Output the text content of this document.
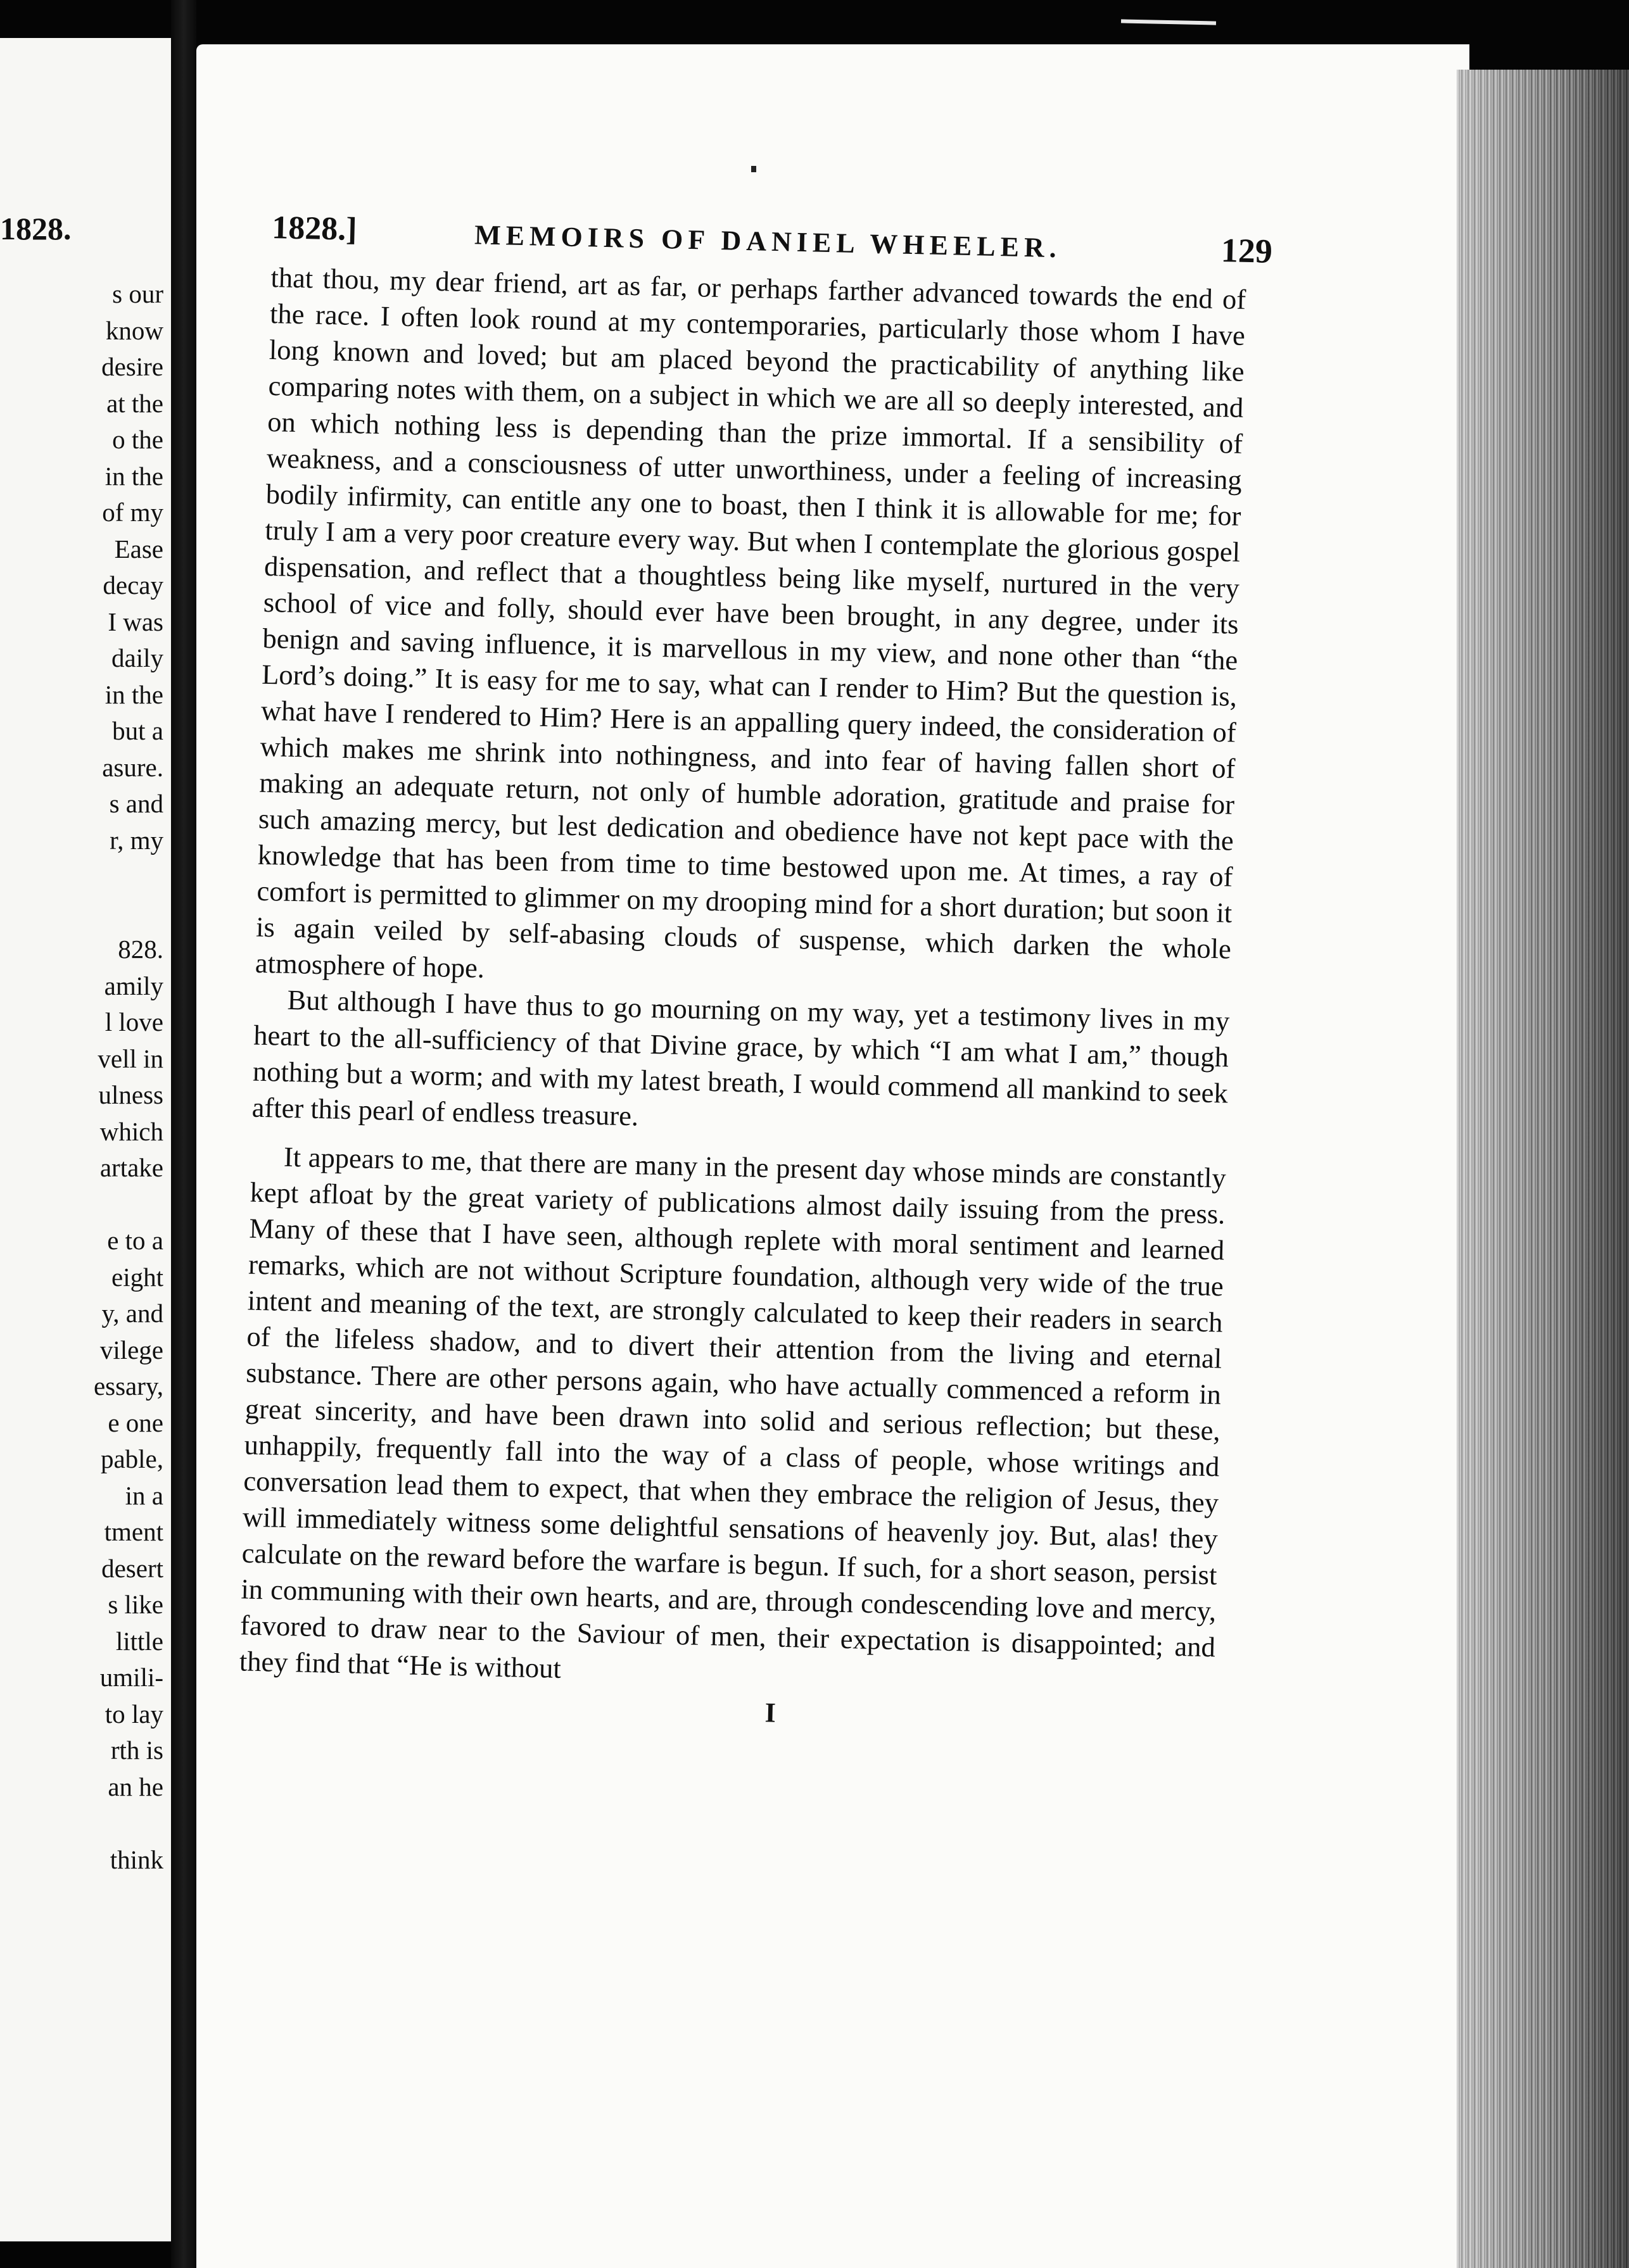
1828.
s our
know
desire
at the
o the
in the
of my
Ease
decay
I was
daily
in the
but a
asure.
s and
r, my
828.
amily
l love
vell in
ulness
which
artake
e to a
eight
y, and
vilege
essary,
e one
pable,
in a
tment
desert
s like
little
umili-
to lay
rth is
an he
think
1828.]	MEMOIRS OF DANIEL WHEELER.	129

that thou, my dear friend, art as far, or perhaps farther advanced towards the end of the race. I often look round at my contemporaries, particularly those whom I have long known and loved; but am placed beyond the practicability of anything like comparing notes with them, on a subject in which we are all so deeply interested, and on which nothing less is depending than the prize immortal. If a sensibility of weakness, and a consciousness of utter unworthiness, under a feeling of increasing bodily infirmity, can entitle any one to boast, then I think it is allowable for me; for truly I am a very poor creature every way. But when I contemplate the glorious gospel dispensation, and reflect that a thoughtless being like myself, nurtured in the very school of vice and folly, should ever have been brought, in any degree, under its benign and saving influence, it is marvellous in my view, and none other than “the Lord’s doing.” It is easy for me to say, what can I render to Him? But the question is, what have I rendered to Him? Here is an appalling query indeed, the consideration of which makes me shrink into nothingness, and into fear of having fallen short of making an adequate return, not only of humble adoration, gratitude and praise for such amazing mercy, but lest dedication and obedience have not kept pace with the knowledge that has been from time to time bestowed upon me. At times, a ray of comfort is permitted to glimmer on my drooping mind for a short duration; but soon it is again veiled by self-abasing clouds of suspense, which darken the whole atmosphere of hope.

But although I have thus to go mourning on my way, yet a testimony lives in my heart to the all-sufficiency of that Divine grace, by which “I am what I am,” though nothing but a worm; and with my latest breath, I would commend all mankind to seek after this pearl of endless treasure.

It appears to me, that there are many in the present day whose minds are constantly kept afloat by the great variety of publications almost daily issuing from the press. Many of these that I have seen, although replete with moral sentiment and learned remarks, which are not without Scripture foundation, although very wide of the true intent and meaning of the text, are strongly calculated to keep their readers in search of the lifeless shadow, and to divert their attention from the living and eternal substance. There are other persons again, who have actually commenced a reform in great sincerity, and have been drawn into solid and serious reflection; but these, unhappily, frequently fall into the way of a class of people, whose writings and conversation lead them to expect, that when they embrace the religion of Jesus, they will immediately witness some delightful sensations of heavenly joy. But, alas! they calculate on the reward before the warfare is begun. If such, for a short season, persist in communing with their own hearts, and are, through condescending love and mercy, favored to draw near to the Saviour of men, their expectation is disappointed; and they find that “He is without

I
